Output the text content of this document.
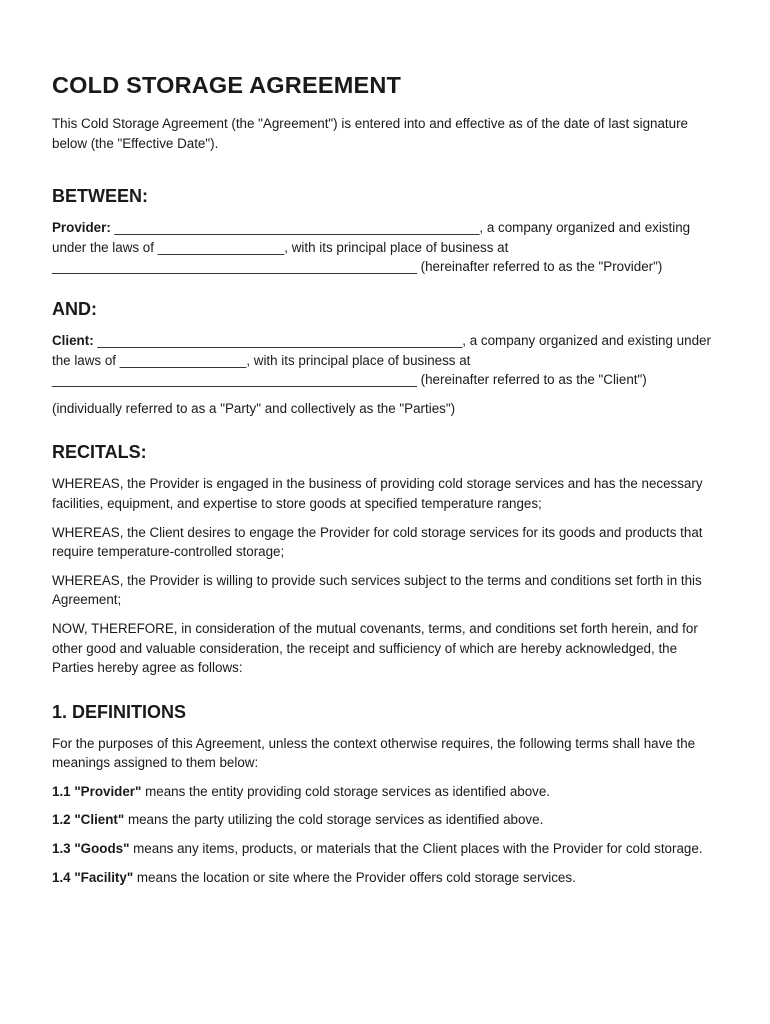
COLD STORAGE AGREEMENT

This Cold Storage Agreement (the "Agreement") is entered into and effective as of the date of last signature below (the "Effective Date").

BETWEEN:

Provider: _________________________________________________, a company organized and existing under the laws of _________________, with its principal place of business at _________________________________________________ (hereinafter referred to as the "Provider")

AND:

Client: _________________________________________________, a company organized and existing under the laws of _________________, with its principal place of business at _________________________________________________ (hereinafter referred to as the "Client")

(individually referred to as a "Party" and collectively as the "Parties")

RECITALS:

WHEREAS, the Provider is engaged in the business of providing cold storage services and has the necessary facilities, equipment, and expertise to store goods at specified temperature ranges;

WHEREAS, the Client desires to engage the Provider for cold storage services for its goods and products that require temperature-controlled storage;

WHEREAS, the Provider is willing to provide such services subject to the terms and conditions set forth in this Agreement;

NOW, THEREFORE, in consideration of the mutual covenants, terms, and conditions set forth herein, and for other good and valuable consideration, the receipt and sufficiency of which are hereby acknowledged, the Parties hereby agree as follows:

1. DEFINITIONS

For the purposes of this Agreement, unless the context otherwise requires, the following terms shall have the meanings assigned to them below:

1.1 "Provider" means the entity providing cold storage services as identified above.

1.2 "Client" means the party utilizing the cold storage services as identified above.

1.3 "Goods" means any items, products, or materials that the Client places with the Provider for cold storage.

1.4 "Facility" means the location or site where the Provider offers cold storage services.
